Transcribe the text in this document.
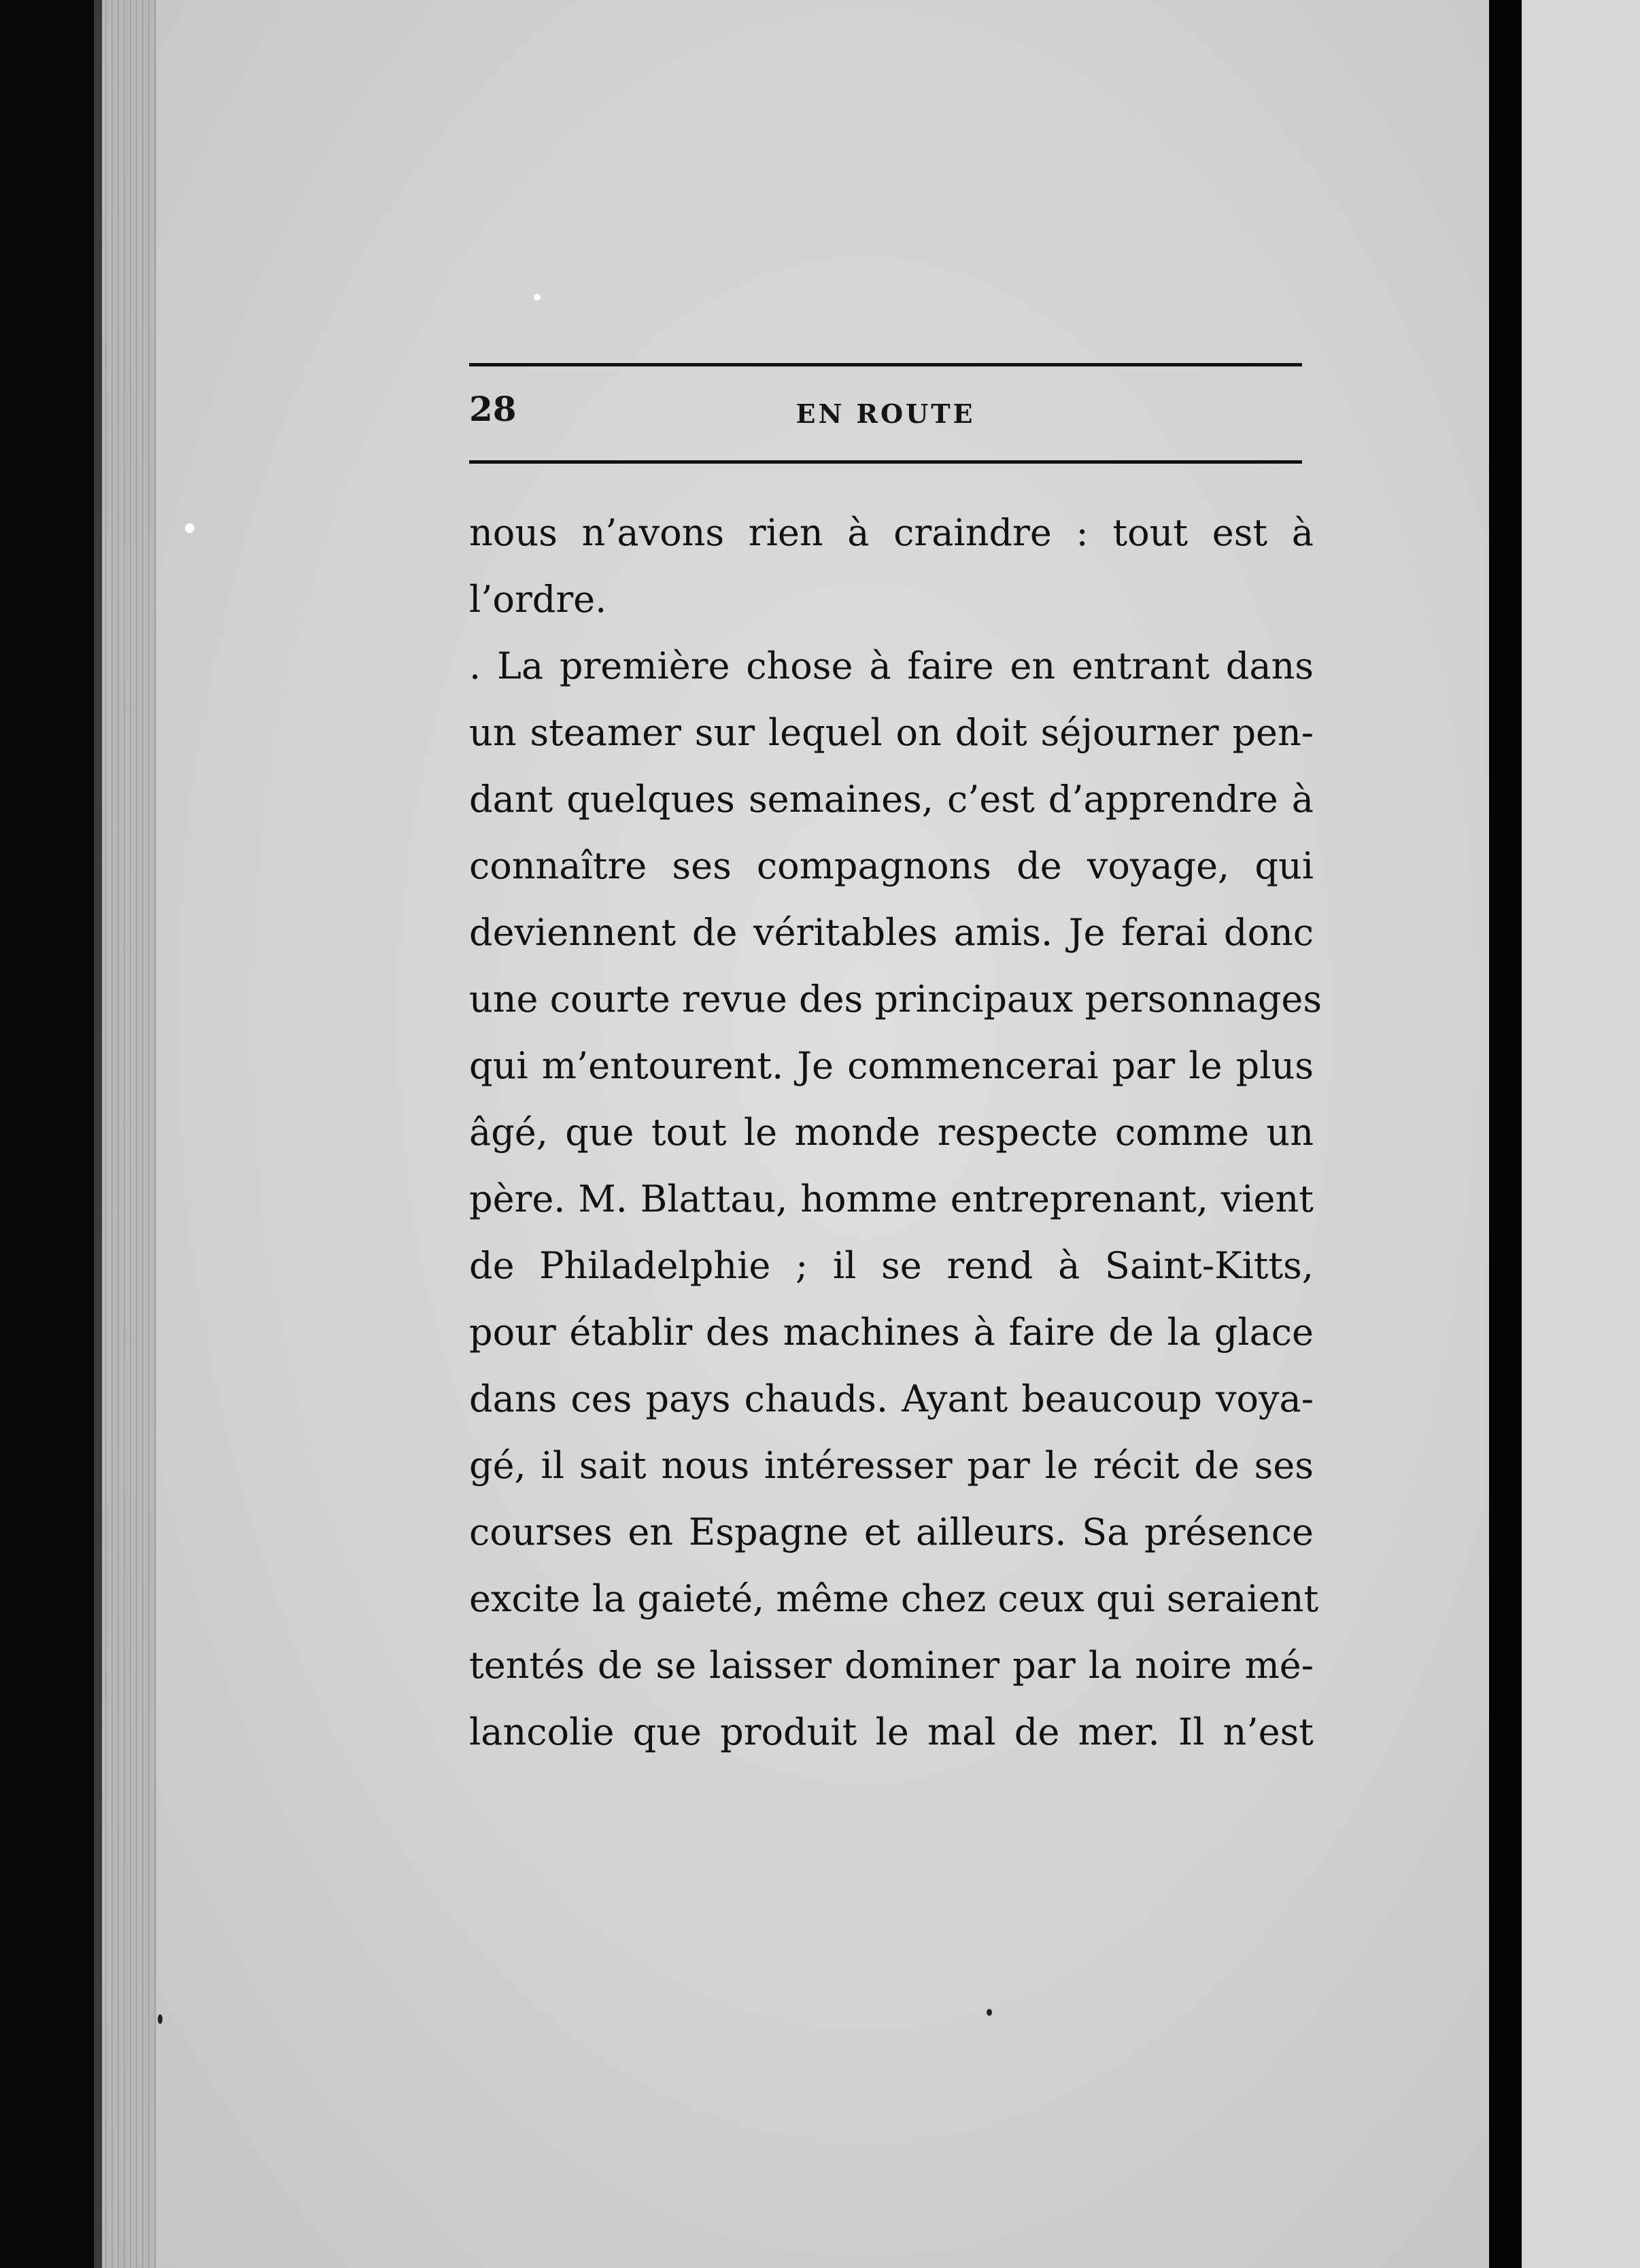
28	EN ROUTE
nous n’avons rien à craindre : tout est à
l’ordre.
. La première chose à faire en entrant dans
un steamer sur lequel on doit séjourner pen-
dant quelques semaines, c’est d’apprendre à
connaître ses compagnons de voyage, qui
deviennent de véritables amis. Je ferai donc
une courte revue des principaux personnages
qui m’entourent. Je commencerai par le plus
âgé, que tout le monde respecte comme un
père. M. Blattau, homme entreprenant, vient
de Philadelphie ; il se rend à Saint-Kitts,
pour établir des machines à faire de la glace
dans ces pays chauds. Ayant beaucoup voya-
gé, il sait nous intéresser par le récit de ses
courses en Espagne et ailleurs. Sa présence
excite la gaieté, même chez ceux qui seraient
tentés de se laisser dominer par la noire mé-
lancolie que produit le mal de mer. Il n’est
